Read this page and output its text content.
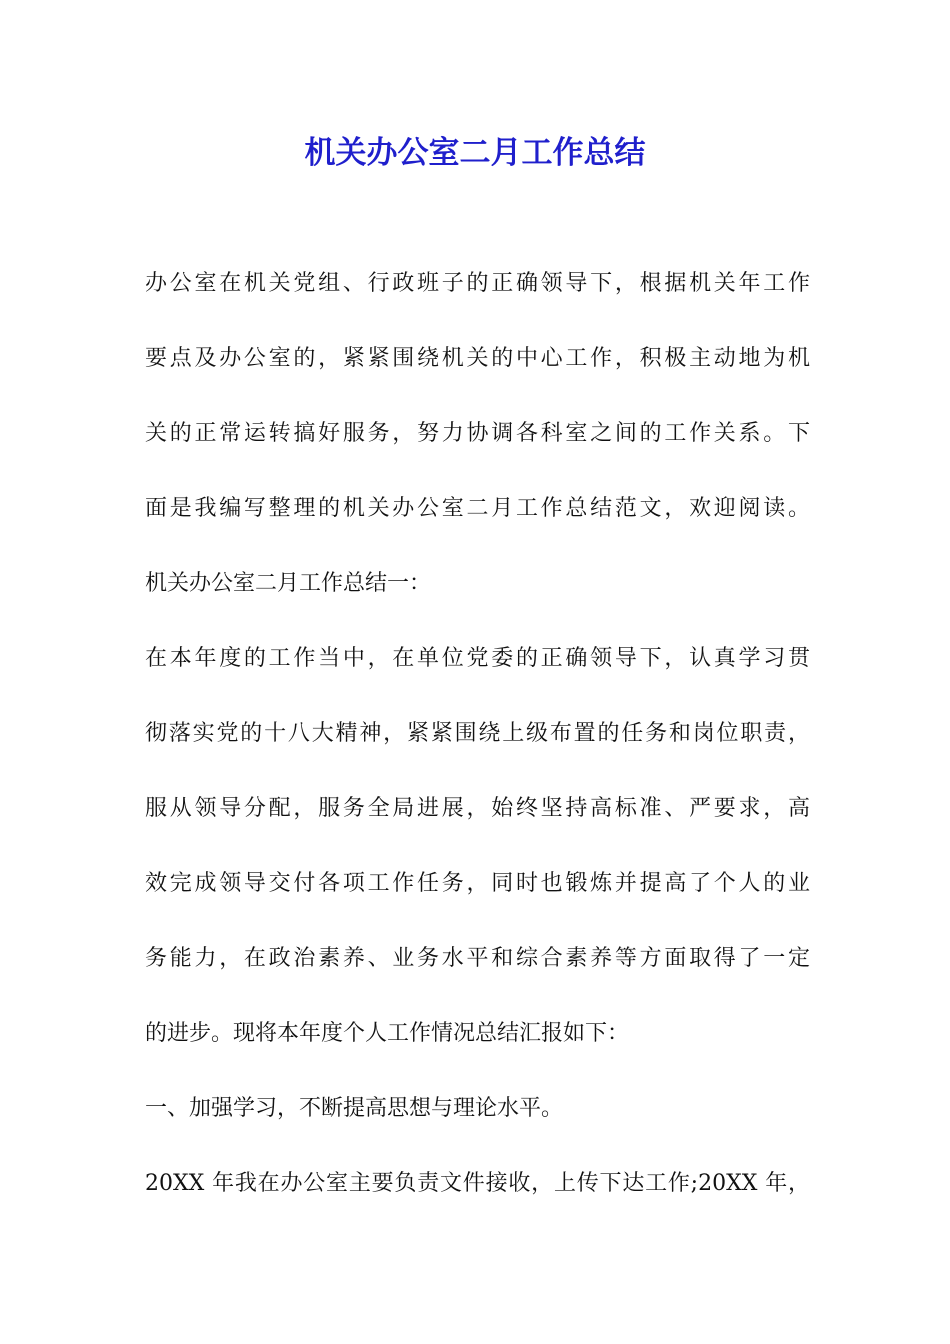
机关办公室二月工作总结

办公室在机关党组、行政班子的正确领导下，根据机关年工作

要点及办公室的，紧紧围绕机关的中心工作，积极主动地为机

关的正常运转搞好服务，努力协调各科室之间的工作关系。下

面是我编写整理的机关办公室二月工作总结范文，欢迎阅读。

机关办公室二月工作总结一：

在本年度的工作当中，在单位党委的正确领导下，认真学习贯

彻落实党的十八大精神，紧紧围绕上级布置的任务和岗位职责，

服从领导分配，服务全局进展，始终坚持高标准、严要求，高

效完成领导交付各项工作任务，同时也锻炼并提高了个人的业

务能力，在政治素养、业务水平和综合素养等方面取得了一定

的进步。现将本年度个人工作情况总结汇报如下：

一、加强学习，不断提高思想与理论水平。

20XX 年我在办公室主要负责文件接收，上传下达工作;20XX 年，
